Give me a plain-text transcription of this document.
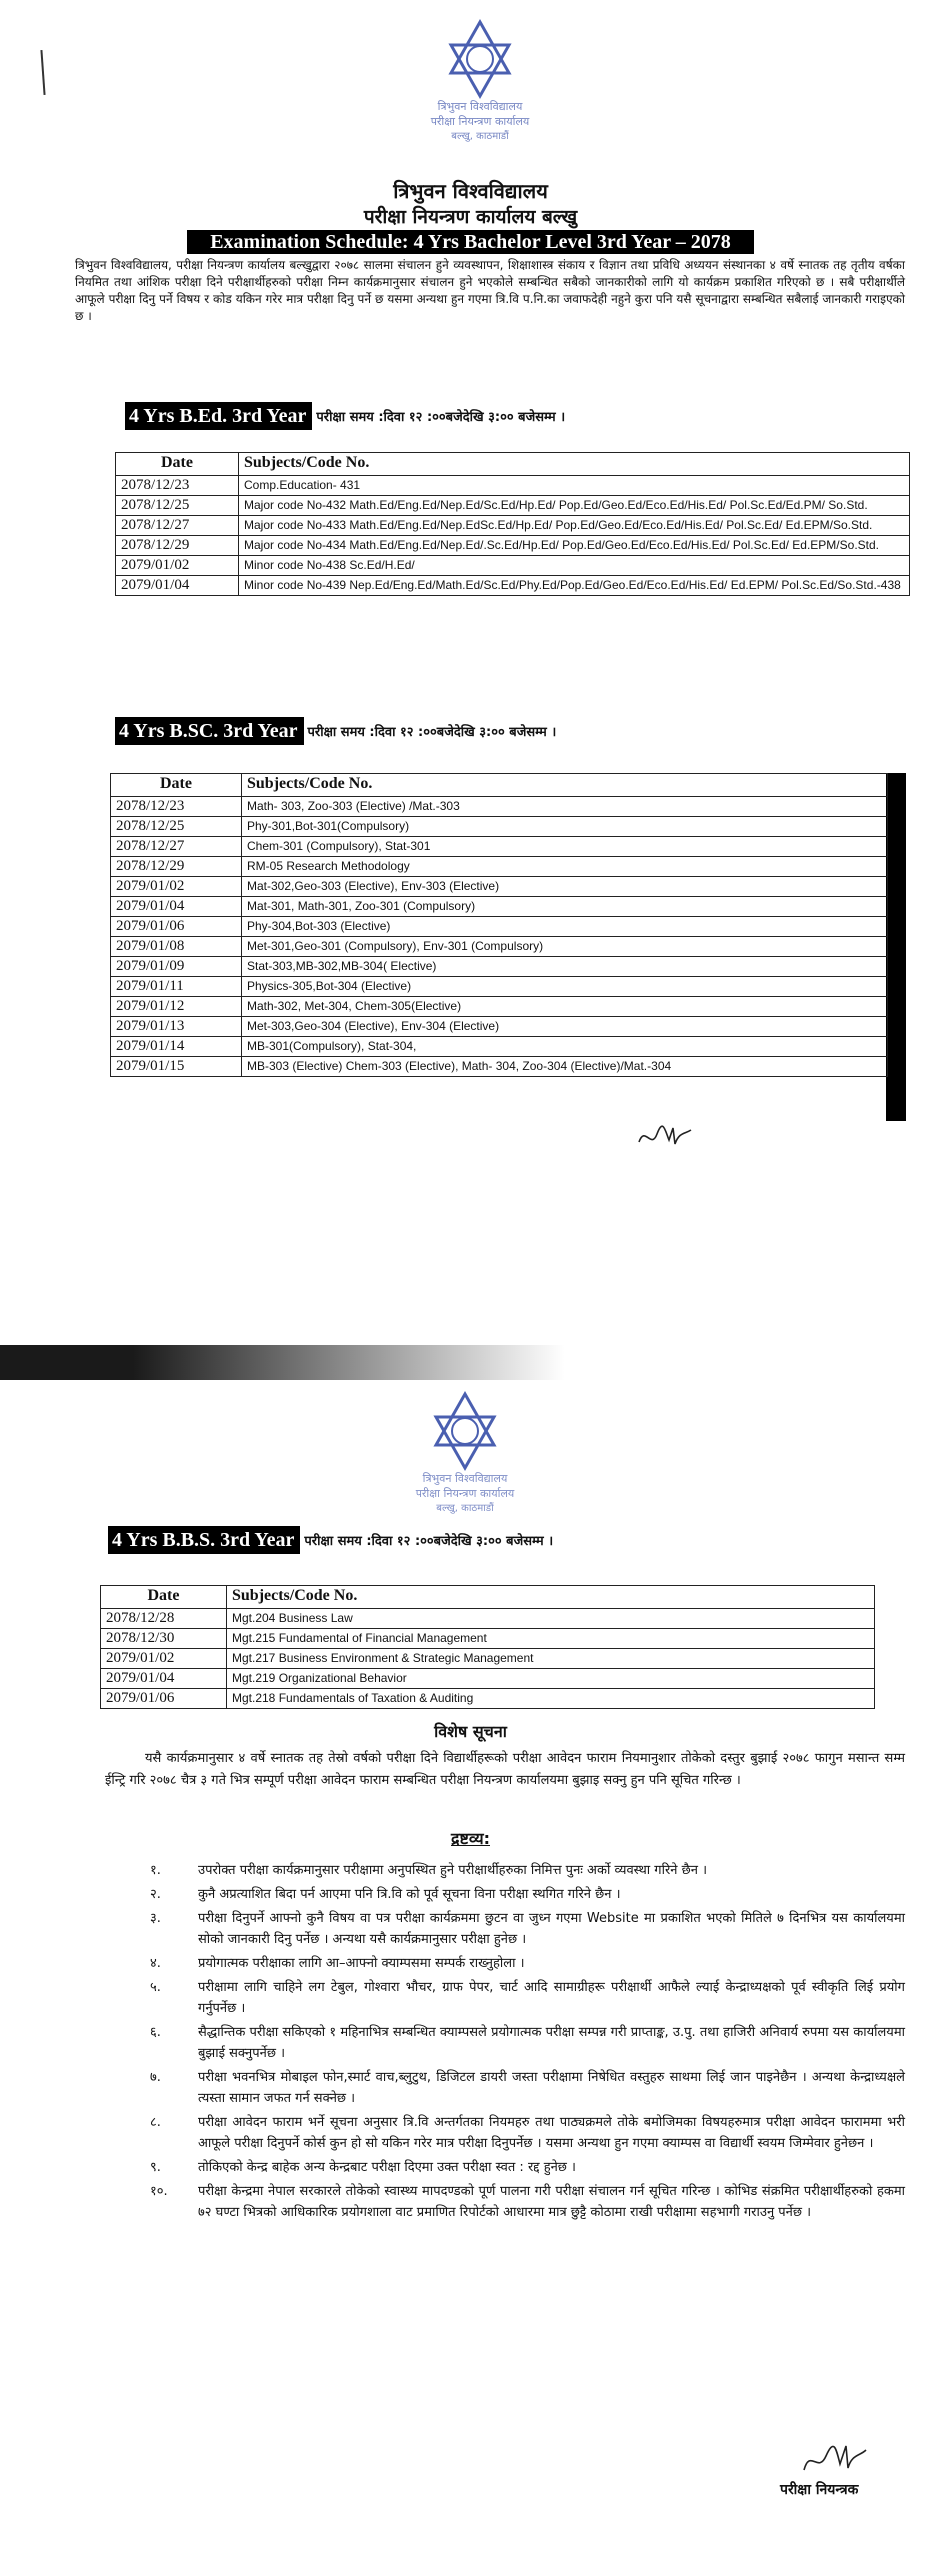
त्रिभुवन विश्वविद्यालय
परीक्षा नियन्त्रण कार्यालय
बल्खु, काठमाडौं
त्रिभुवन विश्वविद्यालय
परीक्षा नियन्त्रण कार्यालय बल्खु
Examination Schedule: 4 Yrs Bachelor Level 3rd Year – 2078
त्रिभुवन विश्वविद्यालय, परीक्षा नियन्त्रण कार्यालय बल्खुद्वारा २०७८ सालमा संचालन हुने व्यवस्थापन, शिक्षाशास्त्र संकाय र विज्ञान तथा प्रविधि अध्ययन संस्थानका ४ वर्षे स्नातक तह तृतीय वर्षका नियमित तथा आंशिक परीक्षा दिने परीक्षार्थीहरुको परीक्षा निम्न कार्यक्रमानुसार संचालन हुने भएकोले सम्बन्धित सबैको जानकारीको लागि यो कार्यक्रम प्रकाशित गरिएको छ । सबै परीक्षार्थीले आफूले परीक्षा दिनु पर्ने विषय र कोड यकिन गरेर मात्र परीक्षा दिनु पर्ने छ यसमा अन्यथा हुन गएमा त्रि.वि प.नि.का जवाफदेही नहुने कुरा पनि यसै सूचनाद्वारा सम्बन्धित सबैलाई जानकारी गराइएको छ ।
4 Yrs B.Ed. 3rd Year परीक्षा समय :दिवा १२ :००बजेदेखि ३:०० बजेसम्म ।
Date	Subjects/Code No.
2078/12/23	Comp.Education- 431
2078/12/25	Major code No-432 Math.Ed/Eng.Ed/Nep.Ed/Sc.Ed/Hp.Ed/ Pop.Ed/Geo.Ed/Eco.Ed/His.Ed/ Pol.Sc.Ed/Ed.PM/ So.Std.
2078/12/27	Major code No-433 Math.Ed/Eng.Ed/Nep.EdSc.Ed/Hp.Ed/ Pop.Ed/Geo.Ed/Eco.Ed/His.Ed/ Pol.Sc.Ed/ Ed.EPM/So.Std.
2078/12/29	Major code No-434 Math.Ed/Eng.Ed/Nep.Ed/.Sc.Ed/Hp.Ed/ Pop.Ed/Geo.Ed/Eco.Ed/His.Ed/ Pol.Sc.Ed/ Ed.EPM/So.Std.
2079/01/02	Minor code No-438 Sc.Ed/H.Ed/
2079/01/04	Minor code No-439 Nep.Ed/Eng.Ed/Math.Ed/Sc.Ed/Phy.Ed/Pop.Ed/Geo.Ed/Eco.Ed/His.Ed/ Ed.EPM/ Pol.Sc.Ed/So.Std.-438
4 Yrs B.SC. 3rd Year परीक्षा समय :दिवा १२ :००बजेदेखि ३:०० बजेसम्म ।
Date	Subjects/Code No.
2078/12/23	Math- 303, Zoo-303 (Elective) /Mat.-303
2078/12/25	Phy-301,Bot-301(Compulsory)
2078/12/27	Chem-301 (Compulsory), Stat-301
2078/12/29	RM-05 Research Methodology
2079/01/02	Mat-302,Geo-303 (Elective), Env-303 (Elective)
2079/01/04	Mat-301, Math-301, Zoo-301 (Compulsory)
2079/01/06	Phy-304,Bot-303 (Elective)
2079/01/08	Met-301,Geo-301 (Compulsory), Env-301 (Compulsory)
2079/01/09	Stat-303,MB-302,MB-304( Elective)
2079/01/11	Physics-305,Bot-304 (Elective)
2079/01/12	Math-302, Met-304, Chem-305(Elective)
2079/01/13	Met-303,Geo-304 (Elective), Env-304 (Elective)
2079/01/14	MB-301(Compulsory), Stat-304,
2079/01/15	MB-303 (Elective) Chem-303 (Elective), Math- 304, Zoo-304 (Elective)/Mat.-304
त्रिभुवन विश्वविद्यालय
परीक्षा नियन्त्रण कार्यालय
बल्खु, काठमाडौं
4 Yrs B.B.S. 3rd Year परीक्षा समय :दिवा १२ :००बजेदेखि ३:०० बजेसम्म ।
Date	Subjects/Code No.
2078/12/28	Mgt.204 Business Law
2078/12/30	Mgt.215 Fundamental of Financial Management
2079/01/02	Mgt.217 Business Environment & Strategic Management
2079/01/04	Mgt.219 Organizational Behavior
2079/01/06	Mgt.218 Fundamentals of Taxation & Auditing
विशेष सूचना
यसै कार्यक्रमानुसार ४ वर्षे स्नातक तह तेस्रो वर्षको परीक्षा दिने विद्यार्थीहरूको परीक्षा आवेदन फाराम नियमानुशार तोकेको दस्तुर बुझाई २०७८ फागुन मसान्त सम्म ईन्ट्रि गरि २०७८ चैत्र ३ गते भित्र सम्पूर्ण परीक्षा आवेदन फाराम सम्बन्धित परीक्षा नियन्त्रण कार्यालयमा बुझाइ सक्नु हुन पनि सूचित गरिन्छ ।
द्रष्टव्य:
१.	उपरोक्त परीक्षा कार्यक्रमानुसार परीक्षामा अनुपस्थित हुने परीक्षार्थीहरुका निमित्त पुनः अर्को व्यवस्था गरिने छैन ।
२.	कुनै अप्रत्याशित बिदा पर्न आएमा पनि त्रि.वि को पूर्व सूचना विना परीक्षा स्थगित गरिने छैन ।
३.	परीक्षा दिनुपर्ने आफ्नो कुनै विषय वा पत्र परीक्षा कार्यक्रममा छुटन वा जुध्न गएमा Website मा प्रकाशित भएको मितिले ७ दिनभित्र यस कार्यालयमा सोको जानकारी दिनु पर्नेछ । अन्यथा यसै कार्यक्रमानुसार परीक्षा हुनेछ ।
४.	प्रयोगात्मक परीक्षाका लागि आ–आफ्नो क्याम्पसमा सम्पर्क राख्नुहोला ।
५.	परीक्षामा लागि चाहिने लग टेबुल, गोश्वारा भौचर, ग्राफ पेपर, चार्ट आदि सामाग्रीहरू परीक्षार्थी आफैले ल्याई केन्द्राध्यक्षको पूर्व स्वीकृति लिई प्रयोग गर्नुपर्नेछ ।
६.	सैद्धान्तिक परीक्षा सकिएको १ महिनाभित्र सम्बन्धित क्याम्पसले प्रयोगात्मक परीक्षा सम्पन्न गरी प्राप्ताङ्क, उ.पु. तथा हाजिरी अनिवार्य रुपमा यस कार्यालयमा बुझाई सक्नुपर्नेछ ।
७.	परीक्षा भवनभित्र मोबाइल फोन,स्मार्ट वाच,ब्लुटुथ, डिजिटल डायरी जस्ता परीक्षामा निषेधित वस्तुहरु साथमा लिई जान पाइनेछैन । अन्यथा केन्द्राध्यक्षले त्यस्ता सामान जफत गर्न सक्नेछ ।
८.	परीक्षा आवेदन फाराम भर्ने सूचना अनुसार त्रि.वि अन्तर्गतका नियमहरु तथा पाठ्यक्रमले तोके बमोजिमका विषयहरुमात्र परीक्षा आवेदन फाराममा भरी आफूले परीक्षा दिनुपर्ने कोर्स कुन हो सो यकिन गरेर मात्र परीक्षा दिनुपर्नेछ । यसमा अन्यथा हुन गएमा क्याम्पस वा विद्यार्थी स्वयम जिम्मेवार हुनेछन ।
९.	तोकिएको केन्द्र बाहेक अन्य केन्द्रबाट परीक्षा दिएमा उक्त परीक्षा स्वत : रद्द हुनेछ ।
१०.	परीक्षा केन्द्रमा नेपाल सरकारले तोकेको स्वास्थ्य मापदण्डको पूर्ण पालना गरी परीक्षा संचालन गर्न सूचित गरिन्छ । कोभिड संक्रमित परीक्षार्थीहरुको हकमा ७२ घण्टा भित्रको आधिकारिक प्रयोगशाला वाट प्रमाणित रिपोर्टको आधारमा मात्र छुट्टै कोठामा राखी परीक्षामा सहभागी गराउनु पर्नेछ ।
परीक्षा नियन्त्रक
